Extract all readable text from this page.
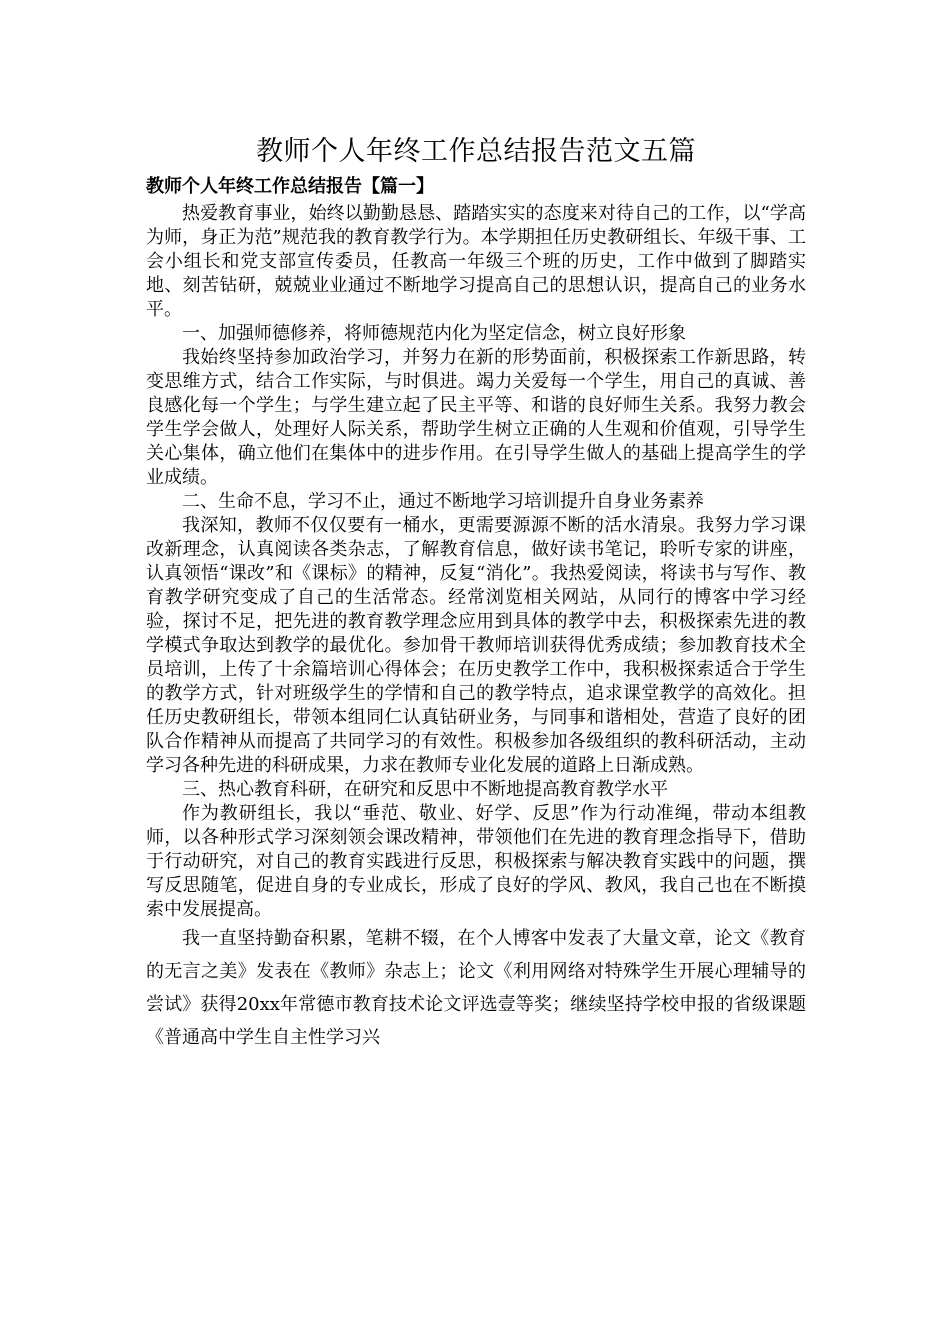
教师个人年终工作总结报告范文五篇
教师个人年终工作总结报告【篇一】

热爱教育事业，始终以勤勤恳恳、踏踏实实的态度来对待自己的工作，以“学高为师，身正为范”规范我的教育教学行为。本学期担任历史教研组长、年级干事、工会小组长和党支部宣传委员，任教高一年级三个班的历史，工作中做到了脚踏实地、刻苦钻研，兢兢业业通过不断地学习提高自己的思想认识，提高自己的业务水平。

一、加强师德修养，将师德规范内化为坚定信念，树立良好形象

我始终坚持参加政治学习，并努力在新的形势面前，积极探索工作新思路，转变思维方式，结合工作实际，与时俱进。竭力关爱每一个学生，用自己的真诚、善良感化每一个学生；与学生建立起了民主平等、和谐的良好师生关系。我努力教会学生学会做人，处理好人际关系，帮助学生树立正确的人生观和价值观，引导学生关心集体，确立他们在集体中的进步作用。在引导学生做人的基础上提高学生的学业成绩。

二、生命不息，学习不止，通过不断地学习培训提升自身业务素养

我深知，教师不仅仅要有一桶水，更需要源源不断的活水清泉。我努力学习课改新理念，认真阅读各类杂志，了解教育信息，做好读书笔记，聆听专家的讲座，认真领悟“课改”和《课标》的精神，反复“消化”。我热爱阅读，将读书与写作、教育教学研究变成了自己的生活常态。经常浏览相关网站，从同行的博客中学习经验，探讨不足，把先进的教育教学理念应用到具体的教学中去，积极探索先进的教学模式争取达到教学的最优化。参加骨干教师培训获得优秀成绩；参加教育技术全员培训，上传了十余篇培训心得体会；在历史教学工作中，我积极探索适合于学生的教学方式，针对班级学生的学情和自己的教学特点，追求课堂教学的高效化。担任历史教研组长，带领本组同仁认真钻研业务，与同事和谐相处，营造了良好的团队合作精神从而提高了共同学习的有效性。积极参加各级组织的教科研活动，主动学习各种先进的科研成果，力求在教师专业化发展的道路上日渐成熟。

三、热心教育科研，在研究和反思中不断地提高教育教学水平

作为教研组长，我以“垂范、敬业、好学、反思”作为行动准绳，带动本组教师，以各种形式学习深刻领会课改精神，带领他们在先进的教育理念指导下，借助于行动研究，对自己的教育实践进行反思，积极探索与解决教育实践中的问题，撰写反思随笔，促进自身的专业成长，形成了良好的学风、教风，我自己也在不断摸索中发展提高。

我一直坚持勤奋积累，笔耕不辍，在个人博客中发表了大量文章，论文《教育的无言之美》发表在《教师》杂志上；论文《利用网络对特殊学生开展心理辅导的尝试》获得20xx年常德市教育技术论文评选壹等奖；继续坚持学校申报的省级课题《普通高中学生自主性学习兴
